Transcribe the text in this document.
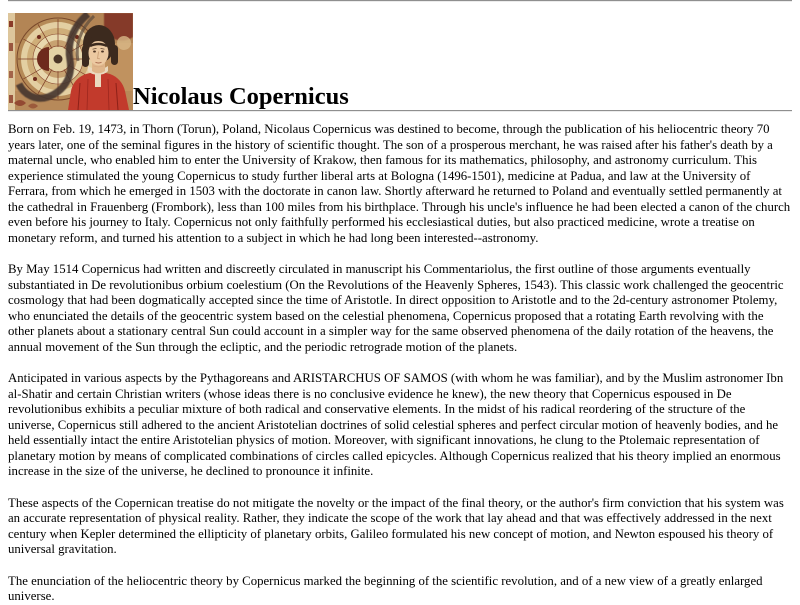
Nicolaus Copernicus

Born on Feb. 19, 1473, in Thorn (Torun), Poland, Nicolaus Copernicus was destined to become, through the publication of his heliocentric theory 70 years later, one of the seminal figures in the history of scientific thought. The son of a prosperous merchant, he was raised after his father's death by a maternal uncle, who enabled him to enter the University of Krakow, then famous for its mathematics, philosophy, and astronomy curriculum. This experience stimulated the young Copernicus to study further liberal arts at Bologna (1496-1501), medicine at Padua, and law at the University of Ferrara, from which he emerged in 1503 with the doctorate in canon law. Shortly afterward he returned to Poland and eventually settled permanently at the cathedral in Frauenberg (Frombork), less than 100 miles from his birthplace. Through his uncle's influence he had been elected a canon of the church even before his journey to Italy. Copernicus not only faithfully performed his ecclesiastical duties, but also practiced medicine, wrote a treatise on monetary reform, and turned his attention to a subject in which he had long been interested--astronomy.

By May 1514 Copernicus had written and discreetly circulated in manuscript his Commentariolus, the first outline of those arguments eventually substantiated in De revolutionibus orbium coelestium (On the Revolutions of the Heavenly Spheres, 1543). This classic work challenged the geocentric cosmology that had been dogmatically accepted since the time of Aristotle. In direct opposition to Aristotle and to the 2d-century astronomer Ptolemy, who enunciated the details of the geocentric system based on the celestial phenomena, Copernicus proposed that a rotating Earth revolving with the other planets about a stationary central Sun could account in a simpler way for the same observed phenomena of the daily rotation of the heavens, the annual movement of the Sun through the ecliptic, and the periodic retrograde motion of the planets.

Anticipated in various aspects by the Pythagoreans and ARISTARCHUS OF SAMOS (with whom he was familiar), and by the Muslim astronomer Ibn al-Shatir and certain Christian writers (whose ideas there is no conclusive evidence he knew), the new theory that Copernicus espoused in De revolutionibus exhibits a peculiar mixture of both radical and conservative elements. In the midst of his radical reordering of the structure of the universe, Copernicus still adhered to the ancient Aristotelian doctrines of solid celestial spheres and perfect circular motion of heavenly bodies, and he held essentially intact the entire Aristotelian physics of motion. Moreover, with significant innovations, he clung to the Ptolemaic representation of planetary motion by means of complicated combinations of circles called epicycles. Although Copernicus realized that his theory implied an enormous increase in the size of the universe, he declined to pronounce it infinite.

These aspects of the Copernican treatise do not mitigate the novelty or the impact of the final theory, or the author's firm conviction that his system was an accurate representation of physical reality. Rather, they indicate the scope of the work that lay ahead and that was effectively addressed in the next century when Kepler determined the ellipticity of planetary orbits, Galileo formulated his new concept of motion, and Newton espoused his theory of universal gravitation.

The enunciation of the heliocentric theory by Copernicus marked the beginning of the scientific revolution, and of a new view of a greatly enlarged universe.
